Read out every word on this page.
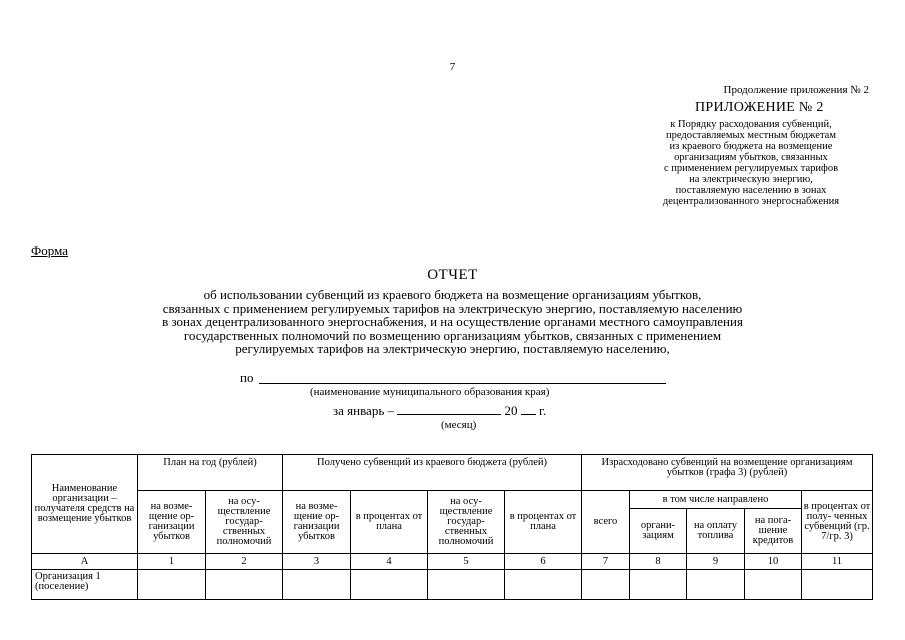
7
Продолжение приложения № 2
ПРИЛОЖЕНИЕ № 2
к Порядку расходования субвенций,
предоставляемых местным бюджетам
из краевого бюджета на возмещение
организациям убытков, связанных
с применением регулируемых тарифов
на электрическую энергию,
поставляемую населению в зонах
децентрализованного энергоснабжения
Форма
ОТЧЕТ
об использовании субвенций из краевого бюджета на возмещение организациям убытков,
связанных с применением регулируемых тарифов на электрическую энергию, поставляемую населению
в зонах децентрализованного энергоснабжения, и на осуществление органами местного самоуправления
государственных полномочий по возмещению организациям убытков, связанных с применением
регулируемых тарифов на электрическую энергию, поставляемую населению,
по
(наименование муниципального образования края)
за январь –	20 г.
(месяц)
Наименование организации – получателя средств на возмещение убытков	План на год (рублей)		Получено субвенций из краевого бюджета (рублей)				Израсходовано субвенций на возмещение организациям убытков (графа 3) (рублей)				
	на возме- щение ор- ганизации убытков	на осу- ществление государ- ственных полномочий	на возме- щение ор- ганизации убытков	в процентах от плана	на осу- ществление государ- ственных полномочий	в процентах от плана	всего	в том числе направлено			в процентах от полу- ченных субвенций (гр. 7/гр. 3)
								органи- зациям	на оплату топлива	на пога- шение кредитов	
А	1	2	3	4	5	6	7	8	9	10	11
Организация 1 (поселение)											
